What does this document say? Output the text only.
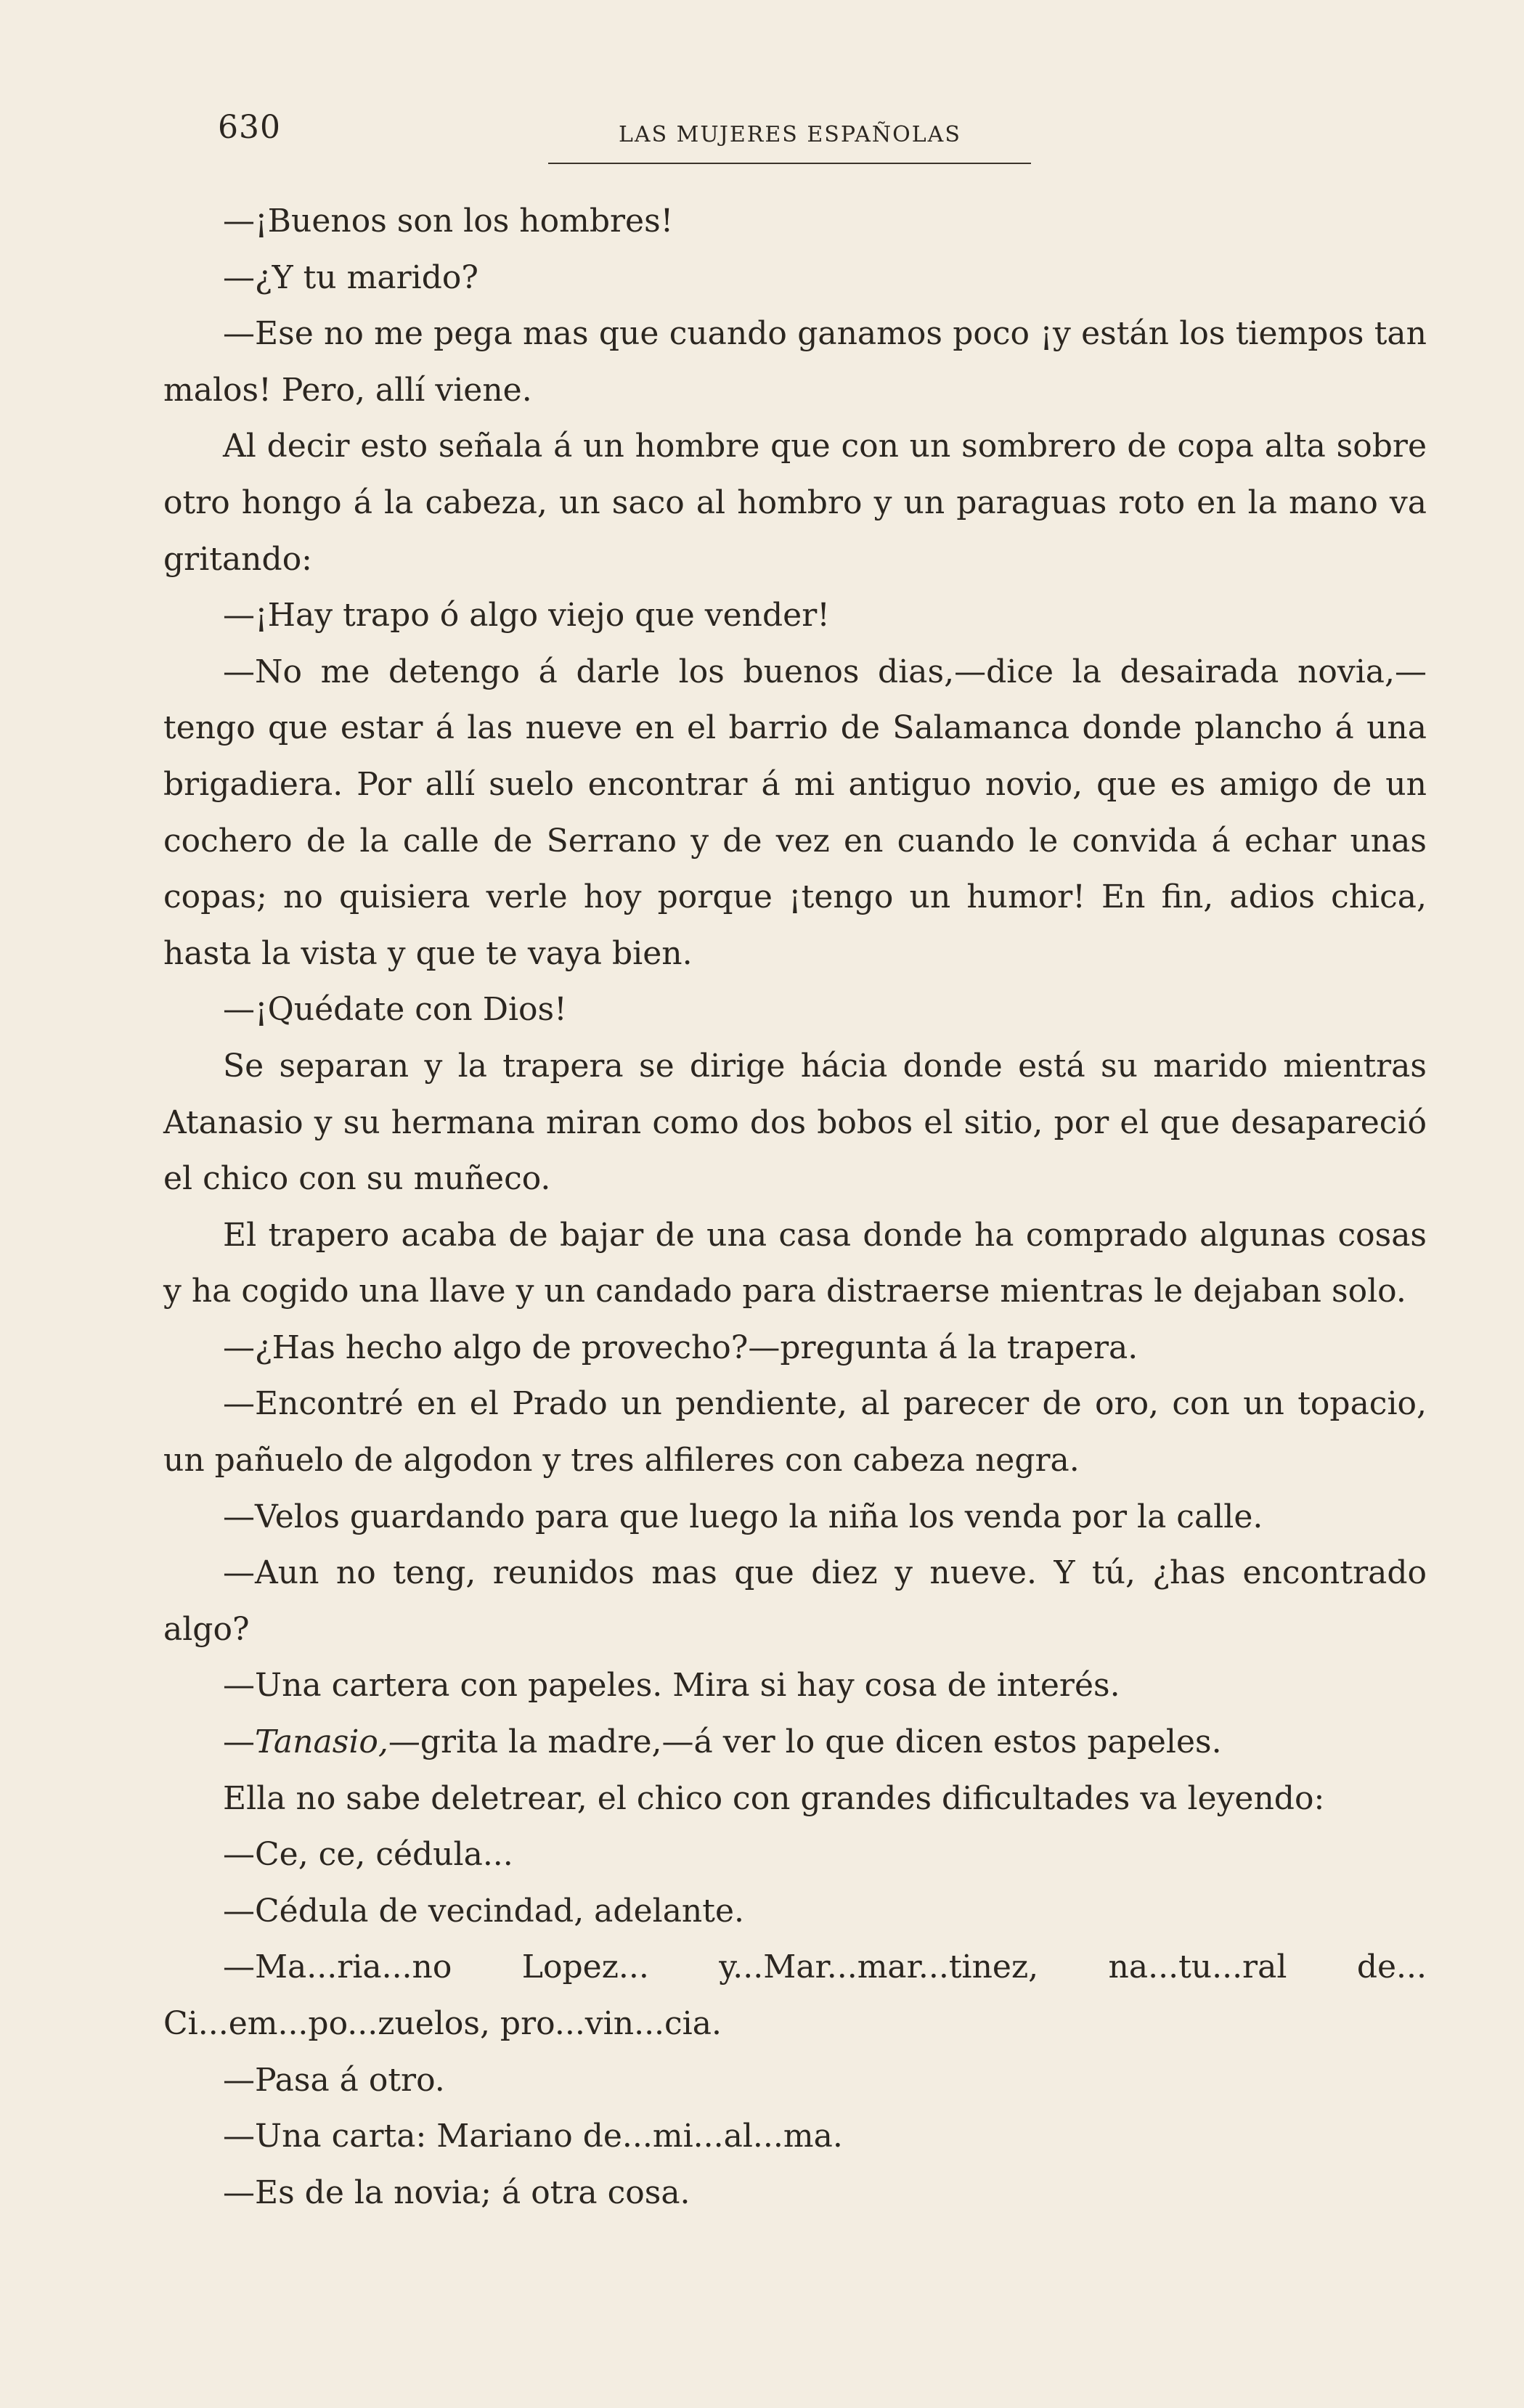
630	LAS MUJERES ESPAÑOLAS

—¡Buenos son los hombres!

—¿Y tu marido?

—Ese no me pega mas que cuando ganamos poco ¡y están los tiempos tan malos! Pero, allí viene.

Al decir esto señala á un hombre que con un sombrero de copa alta sobre otro hongo á la cabeza, un saco al hombro y un paraguas roto en la mano va gritando:

—¡Hay trapo ó algo viejo que vender!

—No me detengo á darle los buenos dias,—dice la desairada novia,—tengo que estar á las nueve en el barrio de Salamanca donde plancho á una brigadiera. Por allí suelo encontrar á mi antiguo novio, que es amigo de un cochero de la calle de Serrano y de vez en cuando le convida á echar unas copas; no quisiera verle hoy porque ¡tengo un humor! En fin, adios chica, hasta la vista y que te vaya bien.

—¡Quédate con Dios!

Se separan y la trapera se dirige hácia donde está su marido mientras Atanasio y su hermana miran como dos bobos el sitio, por el que desapareció el chico con su muñeco.

El trapero acaba de bajar de una casa donde ha comprado algunas cosas y ha cogido una llave y un candado para distraerse mientras le dejaban solo.

—¿Has hecho algo de provecho?—pregunta á la trapera.

—Encontré en el Prado un pendiente, al parecer de oro, con un topacio, un pañuelo de algodon y tres alfileres con cabeza negra.

—Velos guardando para que luego la niña los venda por la calle.

—Aun no teng, reunidos mas que diez y nueve. Y tú, ¿has encontrado algo?

—Una cartera con papeles. Mira si hay cosa de interés.

—Tanasio,—grita la madre,—á ver lo que dicen estos papeles.

Ella no sabe deletrear, el chico con grandes dificultades va leyendo:

—Ce, ce, cédula...

—Cédula de vecindad, adelante.

—Ma...ria...no Lopez... y...Mar...mar...tinez, na...tu...ral de... Ci...em...po...zuelos, pro...vin...cia.

—Pasa á otro.

—Una carta: Mariano de...mi...al...ma.

—Es de la novia; á otra cosa.
